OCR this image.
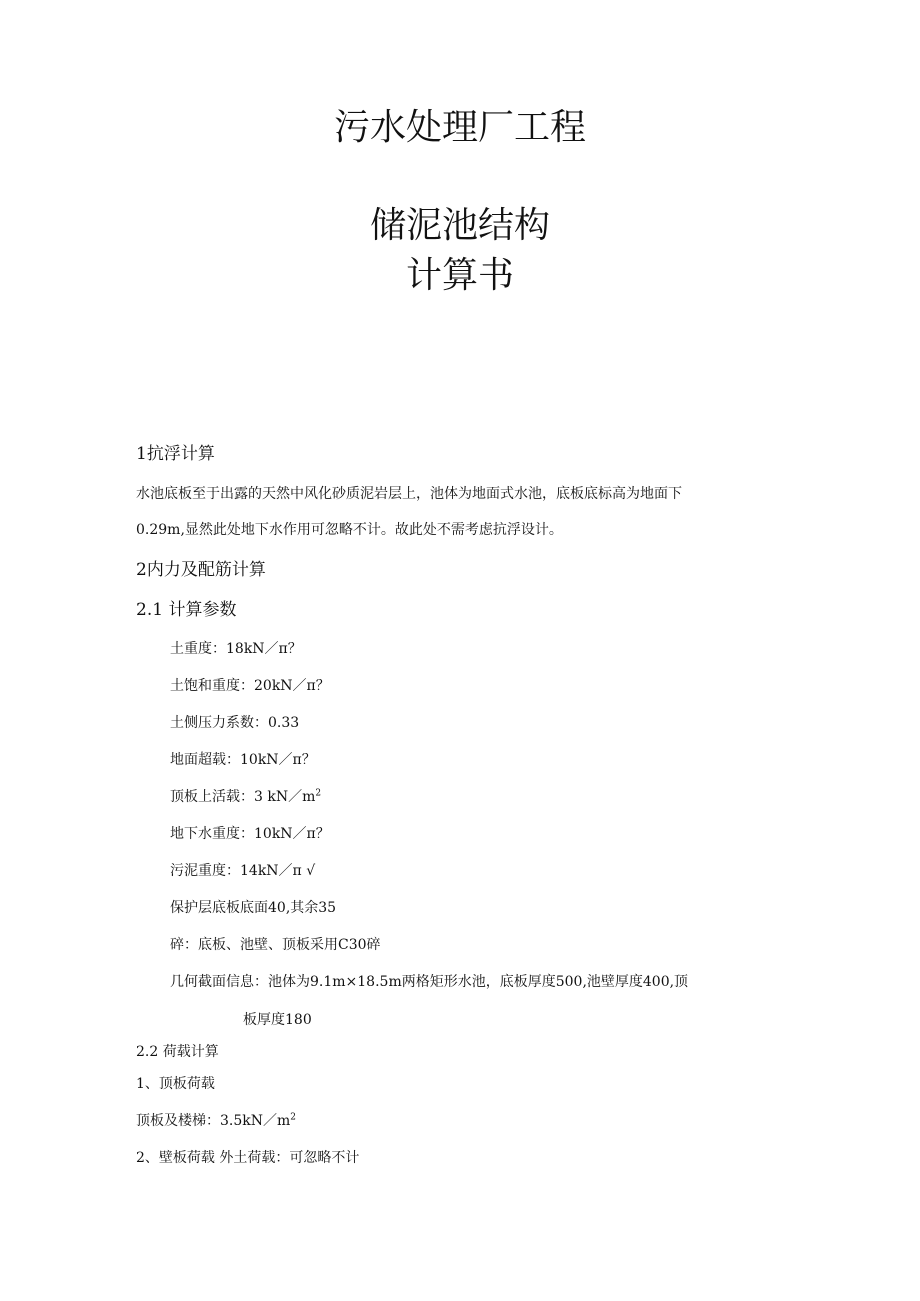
污水处理厂工程
储泥池结构
计算书
1抗浮计算
水池底板至于出露的天然中风化砂质泥岩层上，池体为地面式水池，底板底标高为地面下
0.29m,显然此处地下水作用可忽略不计。故此处不需考虑抗浮设计。
2内力及配筋计算
2.1 计算参数
土重度：18kN／π？
土饱和重度：20kN／π？
土侧压力系数：0.33
地面超载：10kN／π？
顶板上活载：3 $kN/m^2$
地下水重度：10kN／π？
污泥重度：14kN／π √
保护层底板底面40,其余35
碎：底板、池壁、顶板采用C30碎
几何截面信息：池体为9.1m×18.5m两格矩形水池，底板厚度500,池壁厚度400,顶
板厚度180
2.2 荷载计算
1、顶板荷载
顶板及楼梯：$3.5kN/m^2$
2、壁板荷载 外土荷载：可忽略不计
